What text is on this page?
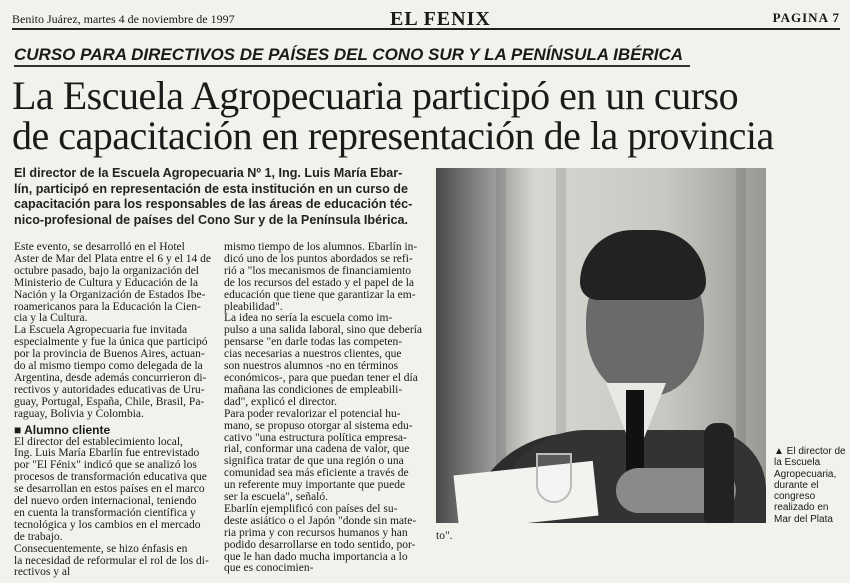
Benito Juárez, martes 4 de noviembre de 1997	EL FENIX	PAGINA 7
CURSO PARA DIRECTIVOS DE PAÍSES DEL CONO SUR Y LA PENÍNSULA IBÉRICA
La Escuela Agropecuaria participó en un curso
de capacitación en representación de la provincia
El director de la Escuela Agropecuaria Nº 1, Ing. Luis María Ebar-
lín, participó en representación de esta institución en un curso de
capacitación para los responsables de las áreas de educación téc-
nico-profesional de países del Cono Sur y de la Península Ibérica.
Este evento, se desarrolló en el Hotel
Aster de Mar del Plata entre el 6 y el 14 de
octubre pasado, bajo la organización del
Ministerio de Cultura y Educación de la
Nación y la Organización de Estados Ibe-
roamericanos para la Educación la Cien-
cia y la Cultura.
La Escuela Agropecuaria fue invitada
especialmente y fue la única que participó
por la provincia de Buenos Aires, actuan-
do al mismo tiempo como delegada de la
Argentina, desde además concurrieron di-
rectivos y autoridades educativas de Uru-
guay, Portugal, España, Chile, Brasil, Pa-
raguay, Bolivia y Colombia.
■ Alumno cliente
El director del establecimiento local,
Ing. Luis María Ebarlín fue entrevistado
por "El Fénix" indicó que se analizó los
procesos de transformación educativa que
se desarrollan en estos países en el marco
del nuevo orden internacional, teniendo
en cuenta la transformación científica y
tecnológica y los cambios en el mercado
de trabajo.
Consecuentemente, se hizo énfasis en
la necesidad de reformular el rol de los di-
rectivos y al
mismo tiempo de los alumnos. Ebarlín in-
dicó uno de los puntos abordados se refi-
rió a "los mecanismos de financiamiento
de los recursos del estado y el papel de la
educación que tiene que garantizar la em-
pleabilidad".
La idea no sería la escuela como im-
pulso a una salida laboral, sino que debería
pensarse "en darle todas las competen-
cias necesarias a nuestros clientes, que
son nuestros alumnos -no en términos
económicos-, para que puedan tener el día
mañana las condiciones de empleabili-
dad", explicó el director.
Para poder revalorizar el potencial hu-
mano, se propuso otorgar al sistema edu-
cativo "una estructura política empresa-
rial, conformar una cadena de valor, que
significa tratar de que una región o una
comunidad sea más eficiente a través de
un referente muy importante que puede
ser la escuela", señaló.
Ebarlín ejemplificó con países del su-
deste asiático o el Japón "donde sin mate-
ria prima y con recursos humanos y han
podido desarrollarse en todo sentido, por-
que le han dado mucha importancia a lo
que es conocimien-
to".
▲ El director de
la Escuela
Agropecuaria,
durante el
congreso
realizado en
Mar del Plata
